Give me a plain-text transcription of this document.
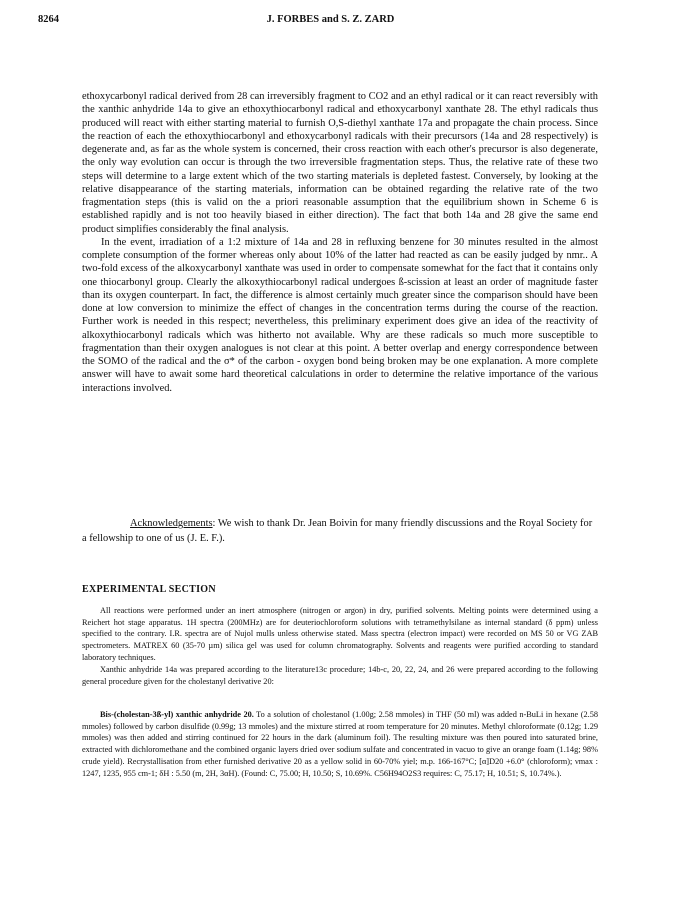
8264	J. FORBES and S. Z. ZARD

ethoxycarbonyl radical derived from 28 can irreversibly fragment to CO2 and an ethyl radical or it can react reversibly with the xanthic anhydride 14a to give an ethoxythiocarbonyl radical and ethoxycarbonyl xanthate 28. The ethyl radicals thus produced will react with either starting material to furnish O,S-diethyl xanthate 17a and propagate the chain process. Since the reaction of each the ethoxythiocarbonyl and ethoxycarbonyl radicals with their precursors (14a and 28 respectively) is degenerate and, as far as the whole system is concerned, their cross reaction with each other's precursor is also degenerate, the only way evolution can occur is through the two irreversible fragmentation steps. Thus, the relative rate of these two steps will determine to a large extent which of the two starting materials is depleted fastest. Conversely, by looking at the relative disappearance of the starting materials, information can be obtained regarding the relative rate of the two fragmentation steps (this is valid on the a priori reasonable assumption that the equilibrium shown in Scheme 6 is established rapidly and is not too heavily biased in either direction). The fact that both 14a and 28 give the same end product simplifies considerably the final analysis.

In the event, irradiation of a 1:2 mixture of 14a and 28 in refluxing benzene for 30 minutes resulted in the almost complete consumption of the former whereas only about 10% of the latter had reacted as can be easily judged by nmr.. A two-fold excess of the alkoxycarbonyl xanthate was used in order to compensate somewhat for the fact that it contains only one thiocarbonyl group. Clearly the alkoxythiocarbonyl radical undergoes ß-scission at least an order of magnitude faster than its oxygen counterpart. In fact, the difference is almost certainly much greater since the comparison should have been done at low conversion to minimize the effect of changes in the concentration terms during the course of the reaction. Further work is needed in this respect; nevertheless, this preliminary experiment does give an idea of the reactivity of alkoxythiocarbonyl radicals which was hitherto not available. Why are these radicals so much more susceptible to fragmentation than their oxygen analogues is not clear at this point. A better overlap and energy correspondence between the SOMO of the radical and the σ* of the carbon - oxygen bond being broken may be one explanation. A more complete answer will have to await some hard theoretical calculations in order to determine the relative importance of the various interactions involved.

Acknowledgements: We wish to thank Dr. Jean Boivin for many friendly discussions and the Royal Society for a fellowship to one of us (J. E. F.).
EXPERIMENTAL SECTION

All reactions were performed under an inert atmosphere (nitrogen or argon) in dry, purified solvents. Melting points were determined using a Reichert hot stage apparatus. 1H spectra (200MHz) are for deuteriochloroform solutions with tetramethylsilane as internal standard (δ ppm) unless specified to the contrary. I.R. spectra are of Nujol mulls unless otherwise stated. Mass spectra (electron impact) were recorded on MS 50 or VG ZAB spectrometers. MATREX 60 (35-70 µm) silica gel was used for column chromatography. Solvents and reagents were purified according to standard laboratory techniques.

Xanthic anhydride 14a was prepared according to the literature13c procedure; 14b-c, 20, 22, 24, and 26 were prepared according to the following general procedure given for the cholestanyl derivative 20:

Bis-(cholestan-3ß-yl) xanthic anhydride 20. To a solution of cholestanol (1.00g; 2.58 mmoles) in THF (50 ml) was added n-BuLi in hexane (2.58 mmoles) followed by carbon disulfide (0.99g; 13 mmoles) and the mixture stirred at room temperature for 20 minutes. Methyl chloroformate (0.12g; 1.29 mmoles) was then added and stirring continued for 22 hours in the dark (aluminum foil). The resulting mixture was then poured into saturated brine, extracted with dichloromethane and the combined organic layers dried over sodium sulfate and concentrated in vacuo to give an orange foam (1.14g; 98% crude yield). Recrystallisation from ether furnished derivative 20 as a yellow solid in 60-70% yiel; m.p. 166-167°C; [α]D20 +6.0° (chloroform); νmax : 1247, 1235, 955 cm-1; δH : 5.50 (m, 2H, 3αH). (Found: C, 75.00; H, 10.50; S, 10.69%. C56H94O2S3 requires: C, 75.17; H, 10.51; S, 10.74%.).
